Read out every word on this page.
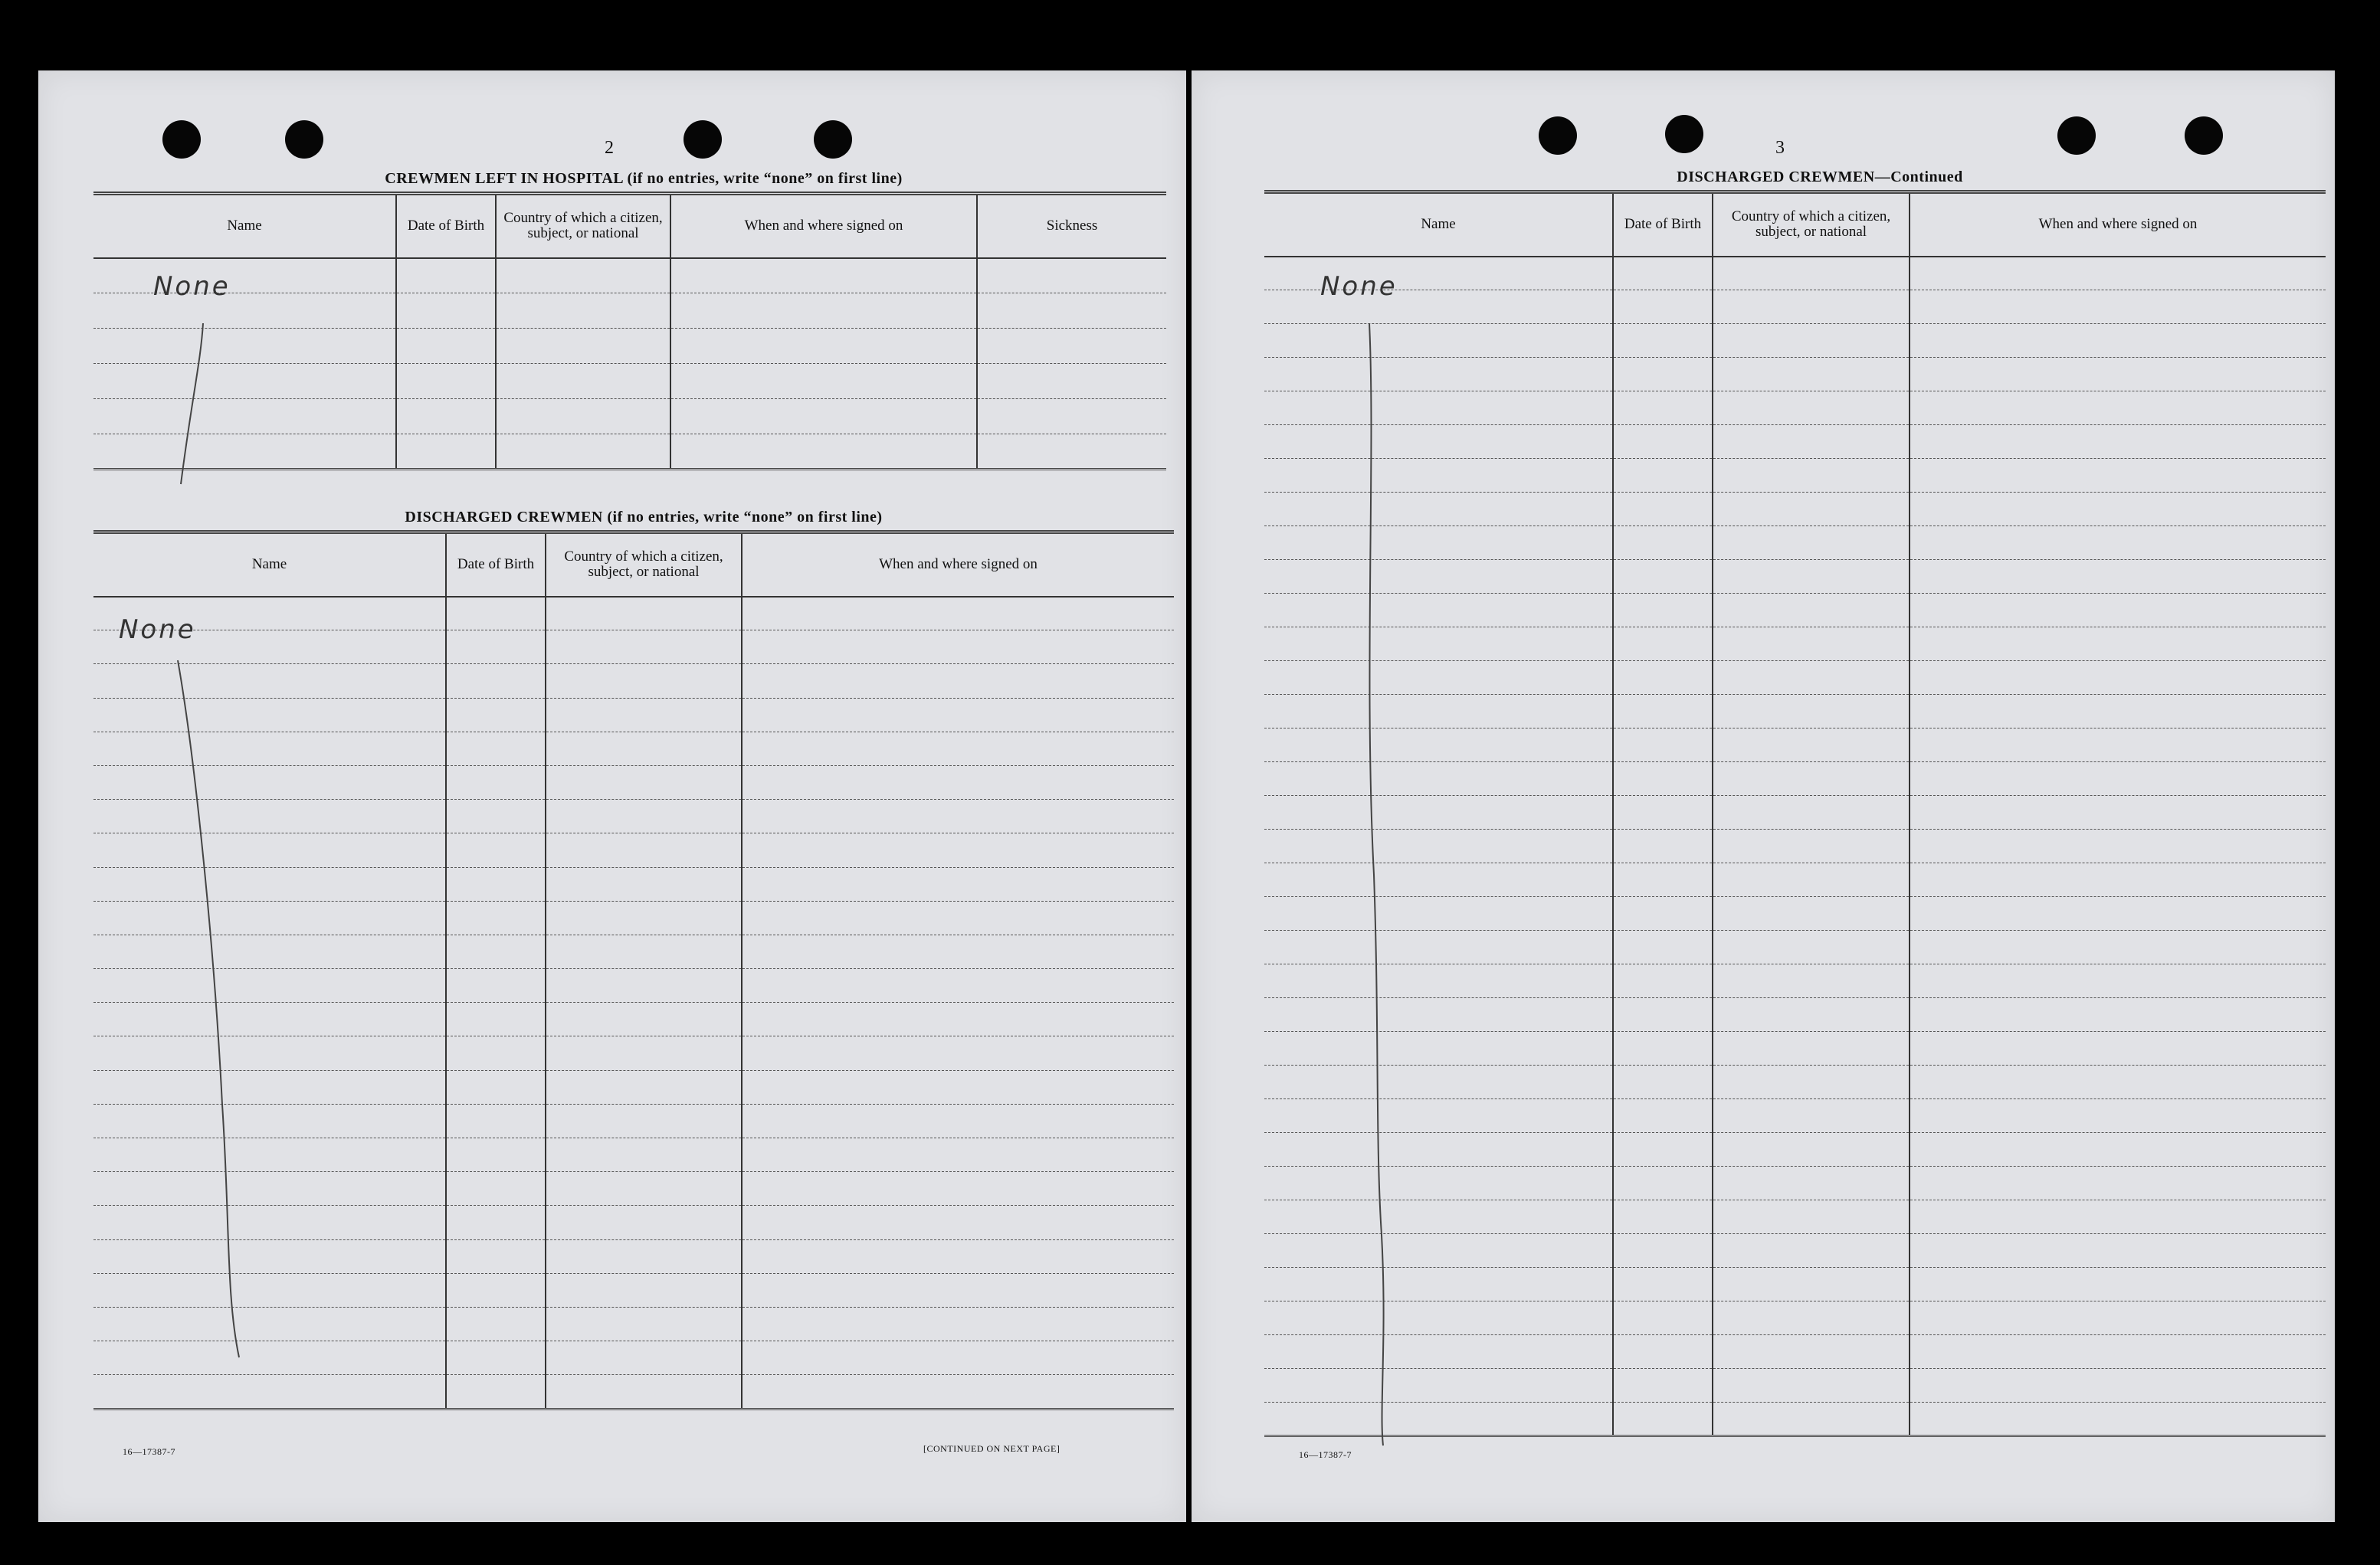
2
CREWMEN LEFT IN HOSPITAL (if no entries, write “none” on first line)
Name	Date of Birth	Country of which a citizen, subject, or national	When and where signed on	Sickness

None
DISCHARGED CREWMEN (if no entries, write “none” on first line)
Name	Date of Birth	Country of which a citizen, subject, or national	When and where signed on

None
16—17387-7	[CONTINUED ON NEXT PAGE]
3
DISCHARGED CREWMEN—Continued
Name	Date of Birth	Country of which a citizen, subject, or national	When and where signed on

None
16—17387-7
